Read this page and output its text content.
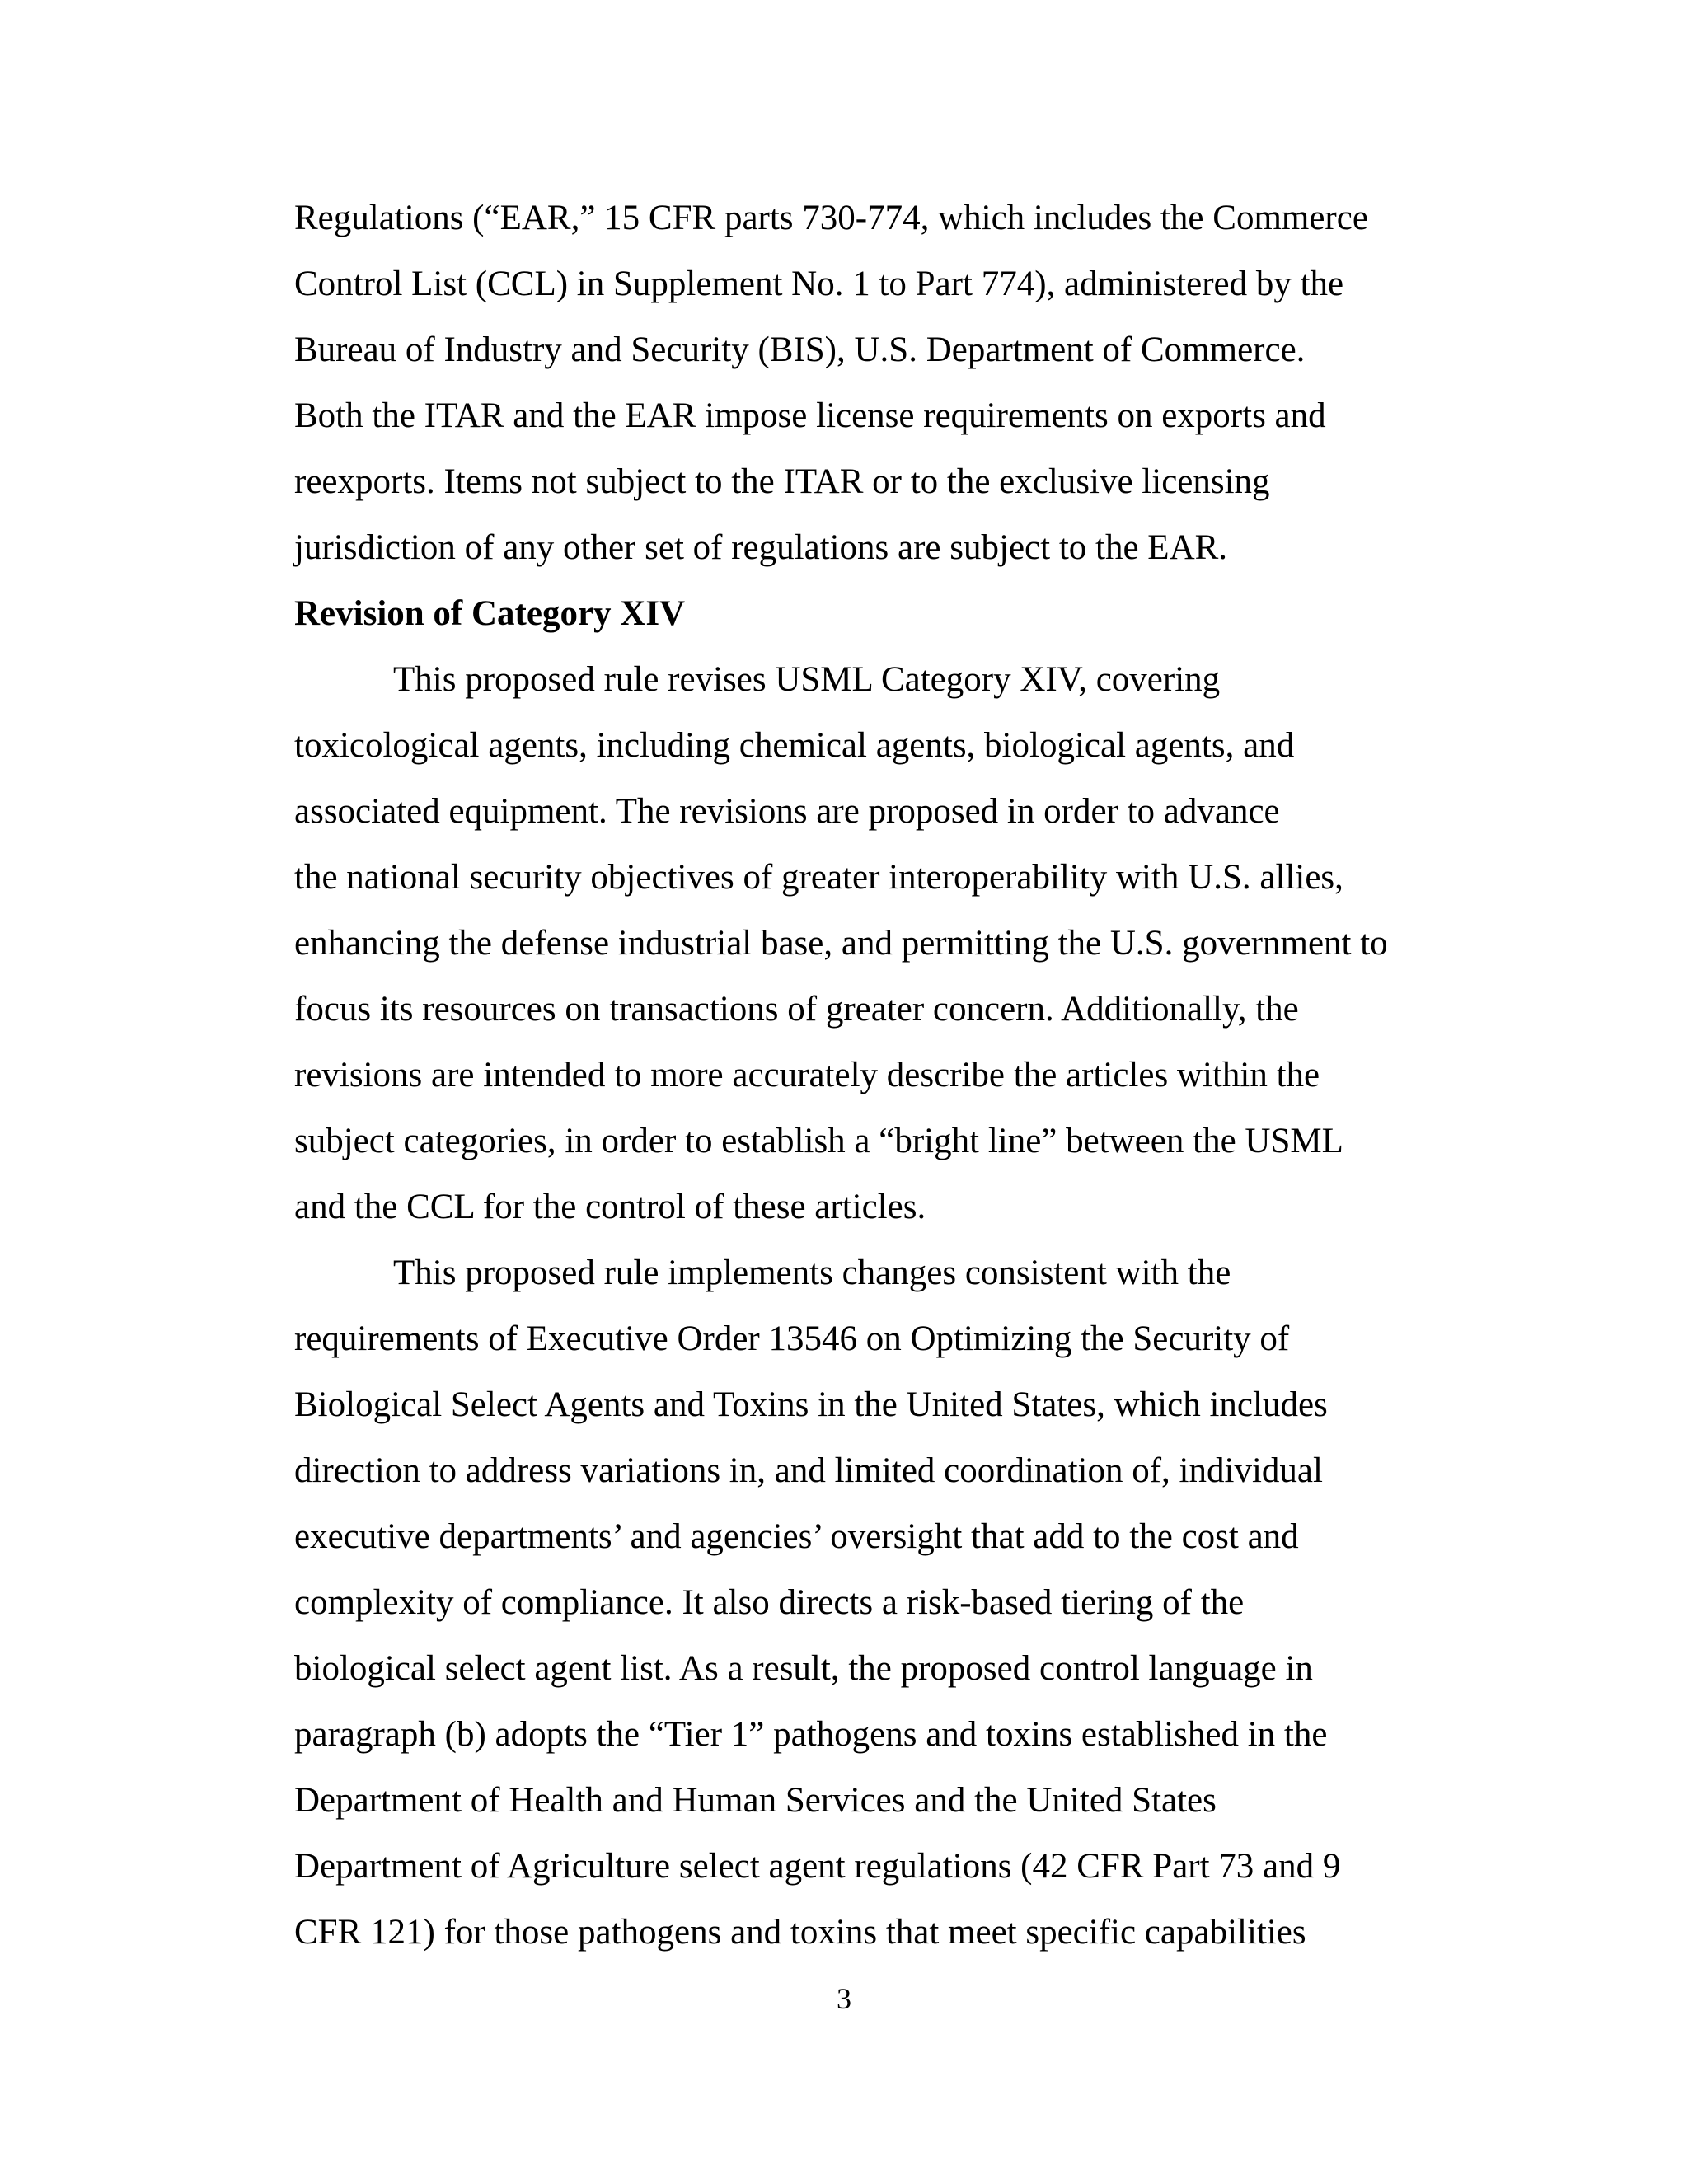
Regulations (“EAR,” 15 CFR parts 730-774, which includes the Commerce
Control List (CCL) in Supplement No. 1 to Part 774), administered by the
Bureau of Industry and Security (BIS), U.S. Department of Commerce.
Both the ITAR and the EAR impose license requirements on exports and
reexports. Items not subject to the ITAR or to the exclusive licensing
jurisdiction of any other set of regulations are subject to the EAR.
Revision of Category XIV
This proposed rule revises USML Category XIV, covering
toxicological agents, including chemical agents, biological agents, and
associated equipment. The revisions are proposed in order to advance
the national security objectives of greater interoperability with U.S. allies,
enhancing the defense industrial base, and permitting the U.S. government to
focus its resources on transactions of greater concern. Additionally, the
revisions are intended to more accurately describe the articles within the
subject categories, in order to establish a “bright line” between the USML
and the CCL for the control of these articles.
This proposed rule implements changes consistent with the
requirements of Executive Order 13546 on Optimizing the Security of
Biological Select Agents and Toxins in the United States, which includes
direction to address variations in, and limited coordination of, individual
executive departments’ and agencies’ oversight that add to the cost and
complexity of compliance. It also directs a risk-based tiering of the
biological select agent list. As a result, the proposed control language in
paragraph (b) adopts the “Tier 1” pathogens and toxins established in the
Department of Health and Human Services and the United States
Department of Agriculture select agent regulations (42 CFR Part 73 and 9
CFR 121) for those pathogens and toxins that meet specific capabilities
3
